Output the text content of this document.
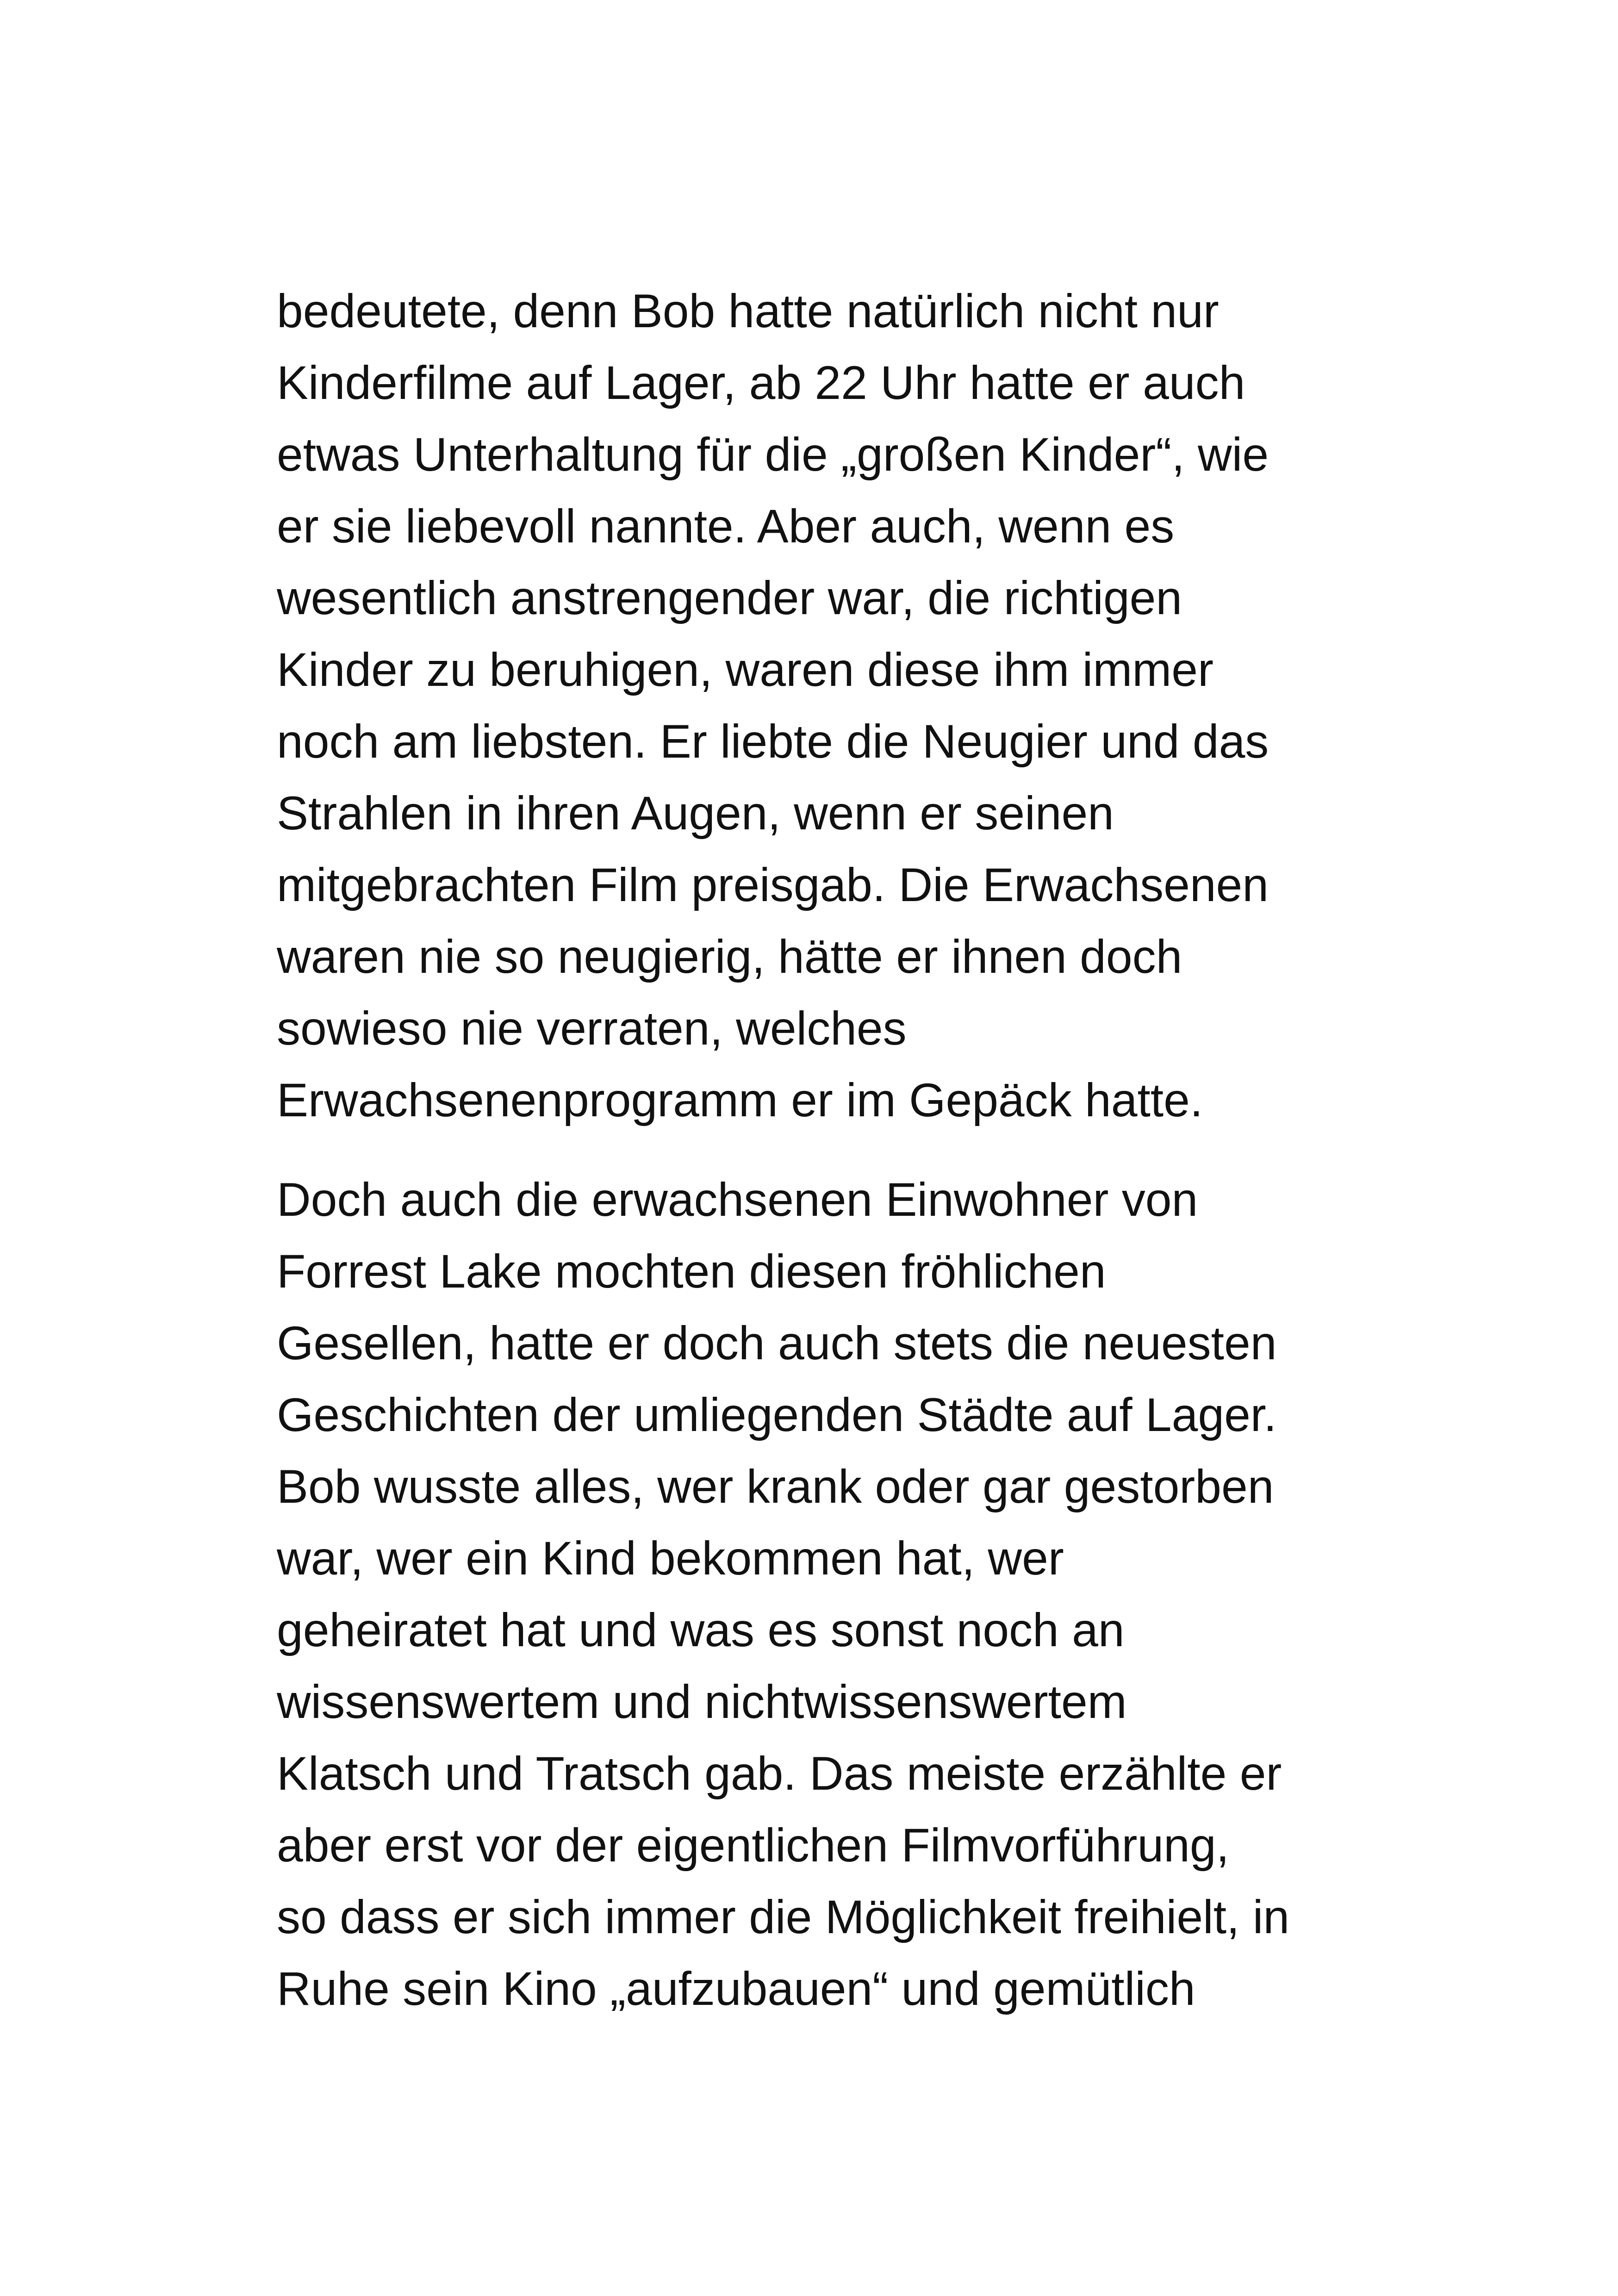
bedeutete, denn Bob hatte natürlich nicht nur
Kinderfilme auf Lager, ab 22 Uhr hatte er auch
etwas Unterhaltung für die „großen Kinder“, wie
er sie liebevoll nannte. Aber auch, wenn es
wesentlich anstrengender war, die richtigen
Kinder zu beruhigen, waren diese ihm immer
noch am liebsten. Er liebte die Neugier und das
Strahlen in ihren Augen, wenn er seinen
mitgebrachten Film preisgab. Die Erwachsenen
waren nie so neugierig, hätte er ihnen doch
sowieso nie verraten, welches
Erwachsenenprogramm er im Gepäck hatte.
Doch auch die erwachsenen Einwohner von
Forrest Lake mochten diesen fröhlichen
Gesellen, hatte er doch auch stets die neuesten
Geschichten der umliegenden Städte auf Lager.
Bob wusste alles, wer krank oder gar gestorben
war, wer ein Kind bekommen hat, wer
geheiratet hat und was es sonst noch an
wissenswertem und nichtwissenswertem
Klatsch und Tratsch gab. Das meiste erzählte er
aber erst vor der eigentlichen Filmvorführung,
so dass er sich immer die Möglichkeit freihielt, in
Ruhe sein Kino „aufzubauen“ und gemütlich
